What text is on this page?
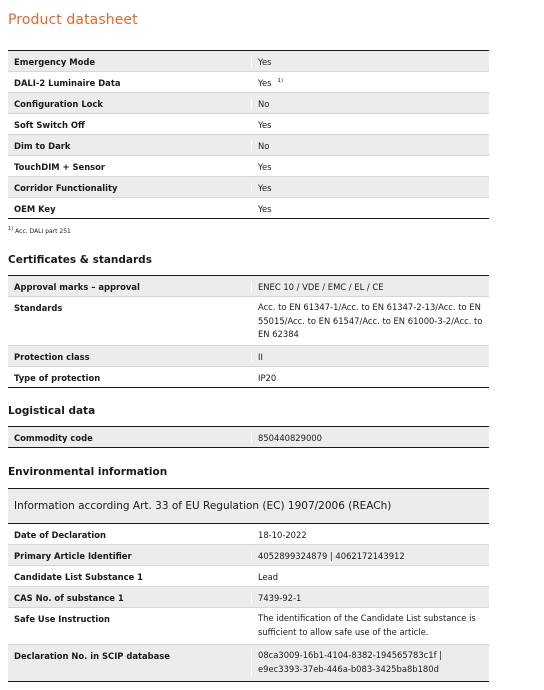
Product datasheet
Emergency Mode	Yes
DALI-2 Luminaire Data	Yes $^{1)}$
Configuration Lock	No
Soft Switch Off	Yes
Dim to Dark	No
TouchDIM + Sensor	Yes
Corridor Functionality	Yes
OEM Key	Yes
$^{1)}$ Acc. DALI part 251
Certificates & standards
Approval marks – approval	ENEC 10 / VDE / EMC / EL / CE
Standards	Acc. to EN 61347-1/Acc. to EN 61347-2-13/Acc. to EN 55015/Acc. to EN 61547/Acc. to EN 61000-3-2/Acc. to EN 62384
Protection class	II
Type of protection	IP20
Logistical data
Commodity code	850440829000
Environmental information
Information according Art. 33 of EU Regulation (EC) 1907/2006 (REACh)
Date of Declaration	18-10-2022
Primary Article Identifier	4052899324879 | 4062172143912
Candidate List Substance 1	Lead
CAS No. of substance 1	7439-92-1
Safe Use Instruction	The identification of the Candidate List substance is sufficient to allow safe use of the article.
Declaration No. in SCIP database	08ca3009-16b1-4104-8382-194565783c1f | e9ec3393-37eb-446a-b083-3425ba8b180d
